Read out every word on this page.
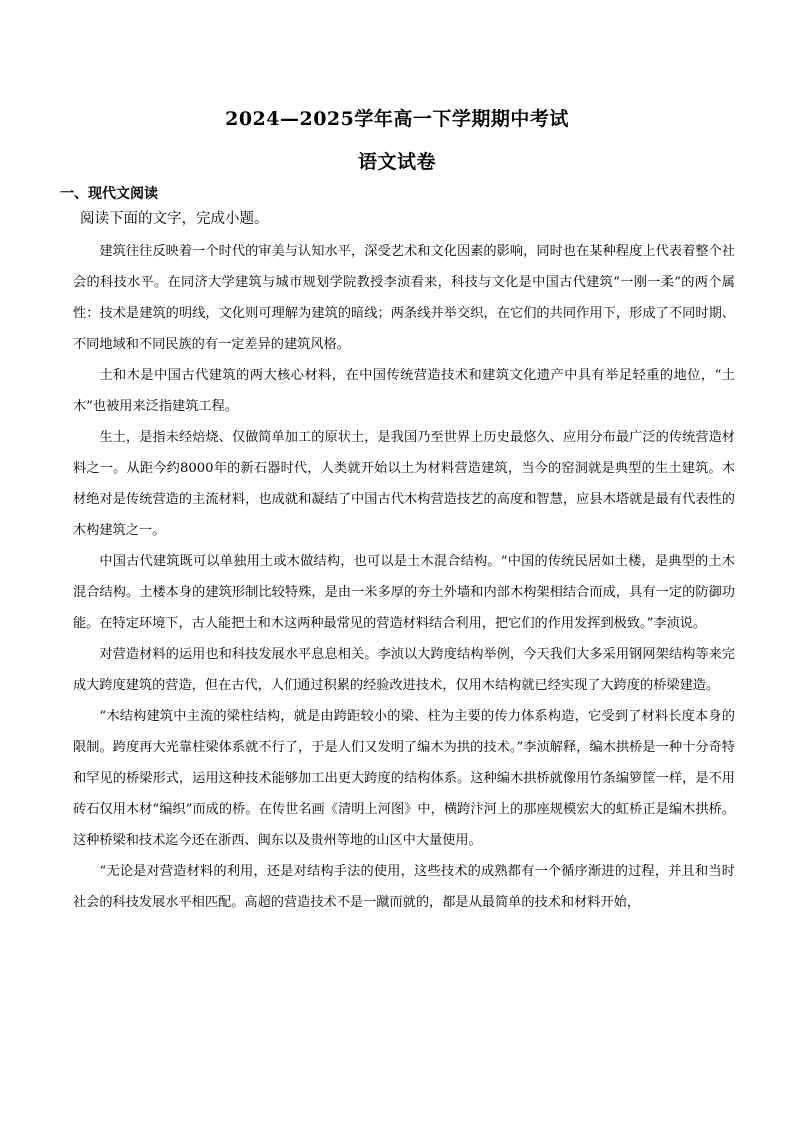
2024—2025学年高一下学期期中考试
语文试卷
一、现代文阅读
阅读下面的文字，完成小题。

建筑往往反映着一个时代的审美与认知水平，深受艺术和文化因素的影响，同时也在某种程度上代表着整个社会的科技水平。在同济大学建筑与城市规划学院教授李浈看来，科技与文化是中国古代建筑“一刚一柔”的两个属性：技术是建筑的明线，文化则可理解为建筑的暗线；两条线并举交织，在它们的共同作用下，形成了不同时期、不同地域和不同民族的有一定差异的建筑风格。

土和木是中国古代建筑的两大核心材料，在中国传统营造技术和建筑文化遗产中具有举足轻重的地位，“土木”也被用来泛指建筑工程。

生土，是指未经焙烧、仅做简单加工的原状土，是我国乃至世界上历史最悠久、应用分布最广泛的传统营造材料之一。从距今约8000年的新石器时代，人类就开始以土为材料营造建筑，当今的窑洞就是典型的生土建筑。木材绝对是传统营造的主流材料，也成就和凝结了中国古代木构营造技艺的高度和智慧，应县木塔就是最有代表性的木构建筑之一。

中国古代建筑既可以单独用土或木做结构，也可以是土木混合结构。“中国的传统民居如土楼，是典型的土木混合结构。土楼本身的建筑形制比较特殊，是由一米多厚的夯土外墙和内部木构架相结合而成，具有一定的防御功能。在特定环境下，古人能把土和木这两种最常见的营造材料结合利用，把它们的作用发挥到极致。”李浈说。

对营造材料的运用也和科技发展水平息息相关。李浈以大跨度结构举例，今天我们大多采用钢网架结构等来完成大跨度建筑的营造，但在古代，人们通过积累的经验改进技术，仅用木结构就已经实现了大跨度的桥梁建造。

“木结构建筑中主流的梁柱结构，就是由跨距较小的梁、柱为主要的传力体系构造，它受到了材料长度本身的限制。跨度再大光靠柱梁体系就不行了，于是人们又发明了编木为拱的技术。”李浈解释，编木拱桥是一种十分奇特和罕见的桥梁形式，运用这种技术能够加工出更大跨度的结构体系。这种编木拱桥就像用竹条编箩筐一样，是不用砖石仅用木材“编织”而成的桥。在传世名画《清明上河图》中，横跨汴河上的那座规模宏大的虹桥正是编木拱桥。这种桥梁和技术迄今还在浙西、闽东以及贵州等地的山区中大量使用。

“无论是对营造材料的利用，还是对结构手法的使用，这些技术的成熟都有一个循序渐进的过程，并且和当时社会的科技发展水平相匹配。高超的营造技术不是一蹴而就的，都是从最简单的技术和材料开始，
